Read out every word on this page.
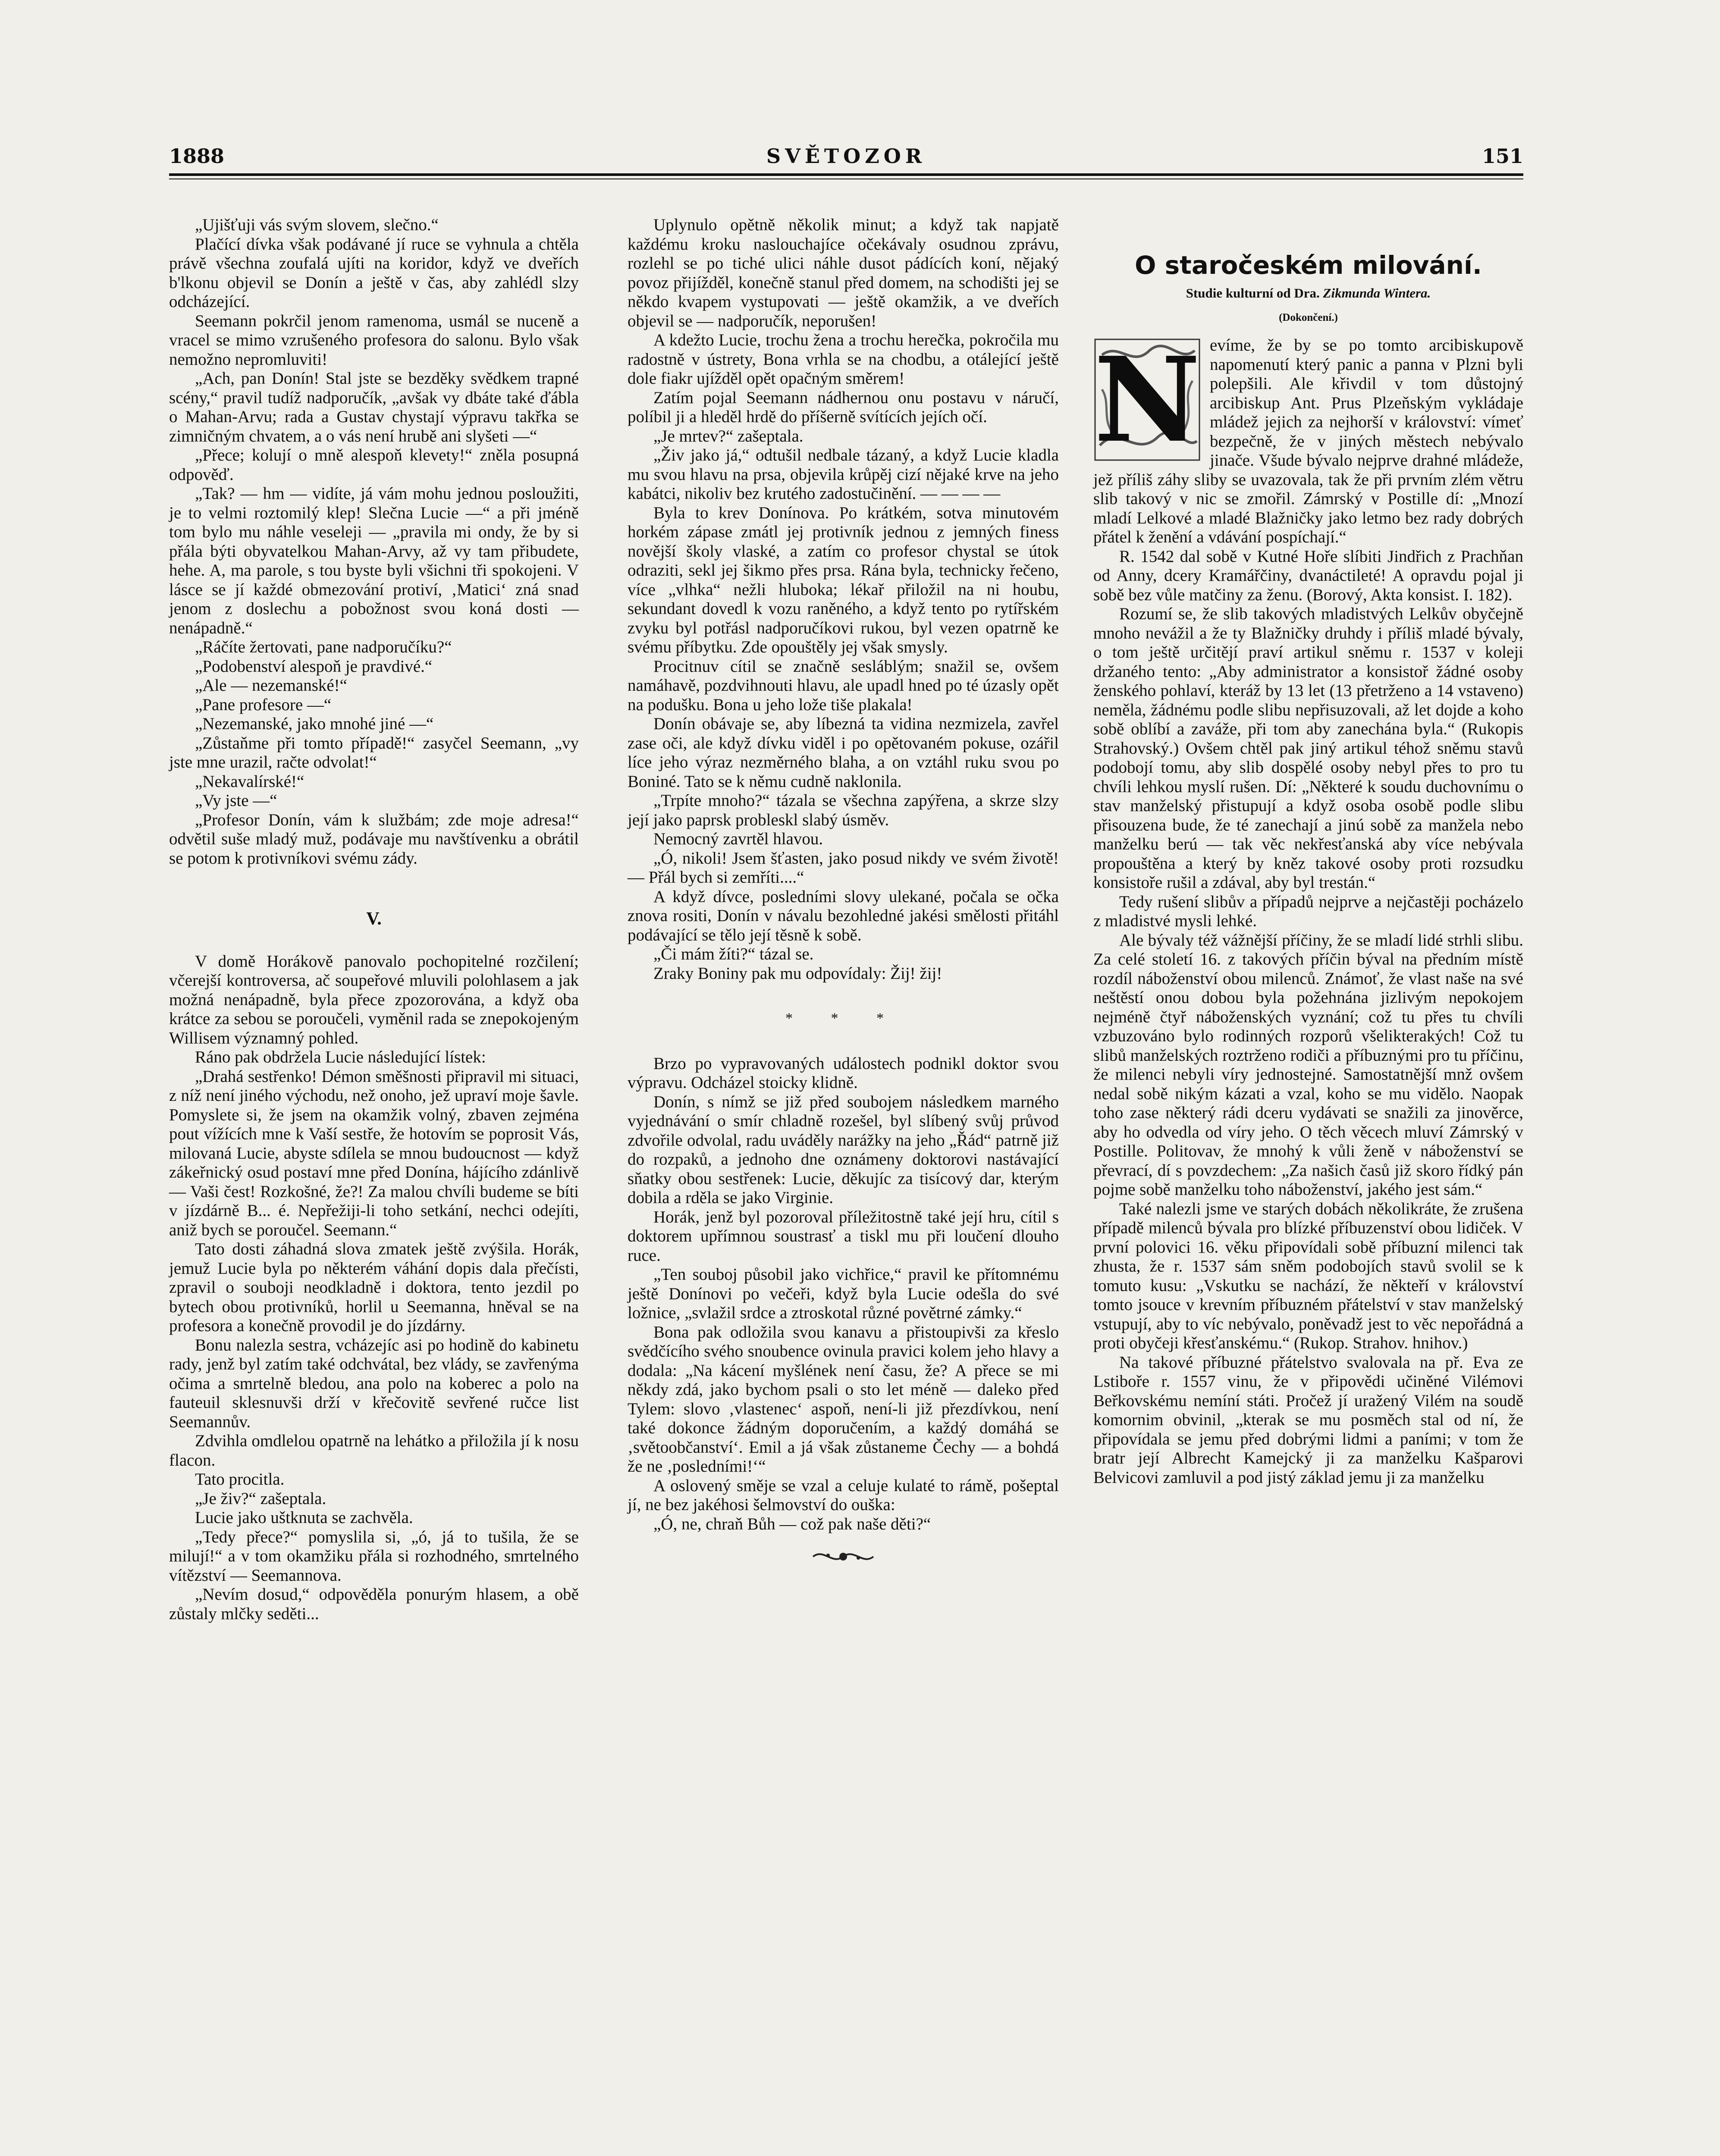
1888	SVĚTOZOR	151

„Ujišťuji vás svým slovem, slečno.“

Plačící dívka však podávané jí ruce se vyhnula a chtěla právě všechna zoufalá ujíti na koridor, když ve dveřích b'lkonu objevil se Donín a ještě v čas, aby zahlédl slzy odcházející.

Seemann pokrčil jenom ramenoma, usmál se nuceně a vracel se mimo vzrušeného profesora do salonu. Bylo však nemožno nepromluviti!

„Ach, pan Donín! Stal jste se bezděky svědkem trapné scény,“ pravil tudíž nadporučík, „avšak vy dbáte také ďábla o Mahan-Arvu; rada a Gustav chystají výpravu takřka se zimničným chvatem, a o vás není hrubě ani slyšeti —“

„Přece; kolují o mně alespoň klevety!“ zněla posupná odpověď.

„Tak? — hm — vidíte, já vám mohu jednou posloužiti, je to velmi roztomilý klep! Slečna Lucie —“ a při jméně tom bylo mu náhle veseleji — „pravila mi ondy, že by si přála býti obyvatelkou Mahan-Arvy, až vy tam přibudete, hehe. A, ma parole, s tou byste byli všichni tři spokojeni. V lásce se jí každé obmezování protiví, ‚Matici‘ zná snad jenom z doslechu a pobožnost svou koná dosti — nenápadně.“

„Ráčíte žertovati, pane nadporučíku?“

„Podobenství alespoň je pravdivé.“

„Ale — nezemanské!“

„Pane profesore —“

„Nezemanské, jako mnohé jiné —“

„Zůstaňme při tomto případě!“ zasyčel Seemann, „vy jste mne urazil, račte odvolat!“

„Nekavalírské!“

„Vy jste —“

„Profesor Donín, vám k službám; zde moje adresa!“ odvětil suše mladý muž, podávaje mu navštívenku a obrátil se potom k protivníkovi svému zády.

V.

V domě Horákově panovalo pochopitelné rozčilení; včerejší kontroversa, ač soupeřové mluvili polohlasem a jak možná nenápadně, byla přece zpozorována, a když oba krátce za sebou se poroučeli, vyměnil rada se znepokojeným Willisem významný pohled.

Ráno pak obdržela Lucie následující lístek:

„Drahá sestřenko! Démon směšnosti připravil mi situaci, z níž není jiného východu, než onoho, jež upraví moje šavle. Pomyslete si, že jsem na okamžik volný, zbaven zejména pout vížících mne k Vaší sestře, že hotovím se poprosit Vás, milovaná Lucie, abyste sdílela se mnou budoucnost — když zákeřnický osud postaví mne před Donína, hájícího zdánlivě — Vaši čest! Rozkošné, že?! Za malou chvíli budeme se bíti v jízdárně B... é. Nepřežiji-li toho setkání, nechci odejíti, aniž bych se poroučel. Seemann.“

Tato dosti záhadná slova zmatek ještě zvýšila. Horák, jemuž Lucie byla po některém váhání dopis dala přečísti, zpravil o souboji neodkladně i doktora, tento jezdil po bytech obou protivníků, horlil u Seemanna, hněval se na profesora a konečně provodil je do jízdárny.

Bonu nalezla sestra, vcházejíc asi po hodině do kabinetu rady, jenž byl zatím také odchvátal, bez vlády, se zavřenýma očima a smrtelně bledou, ana polo na koberec a polo na fauteuil sklesnuvši drží v křečovitě sevřené ručce list Seemannův.

Zdvihla omdlelou opatrně na lehátko a přiložila jí k nosu flacon.

Tato procitla.

„Je živ?“ zašeptala.

Lucie jako uštknuta se zachvěla.

„Tedy přece?“ pomyslila si, „ó, já to tušila, že se milují!“ a v tom okamžiku přála si rozhodného, smrtelného vítězství — Seemannova.

„Nevím dosud,“ odpověděla ponurým hlasem, a obě zůstaly mlčky seděti...

Uplynulo opětně několik minut; a když tak napjatě každému kroku naslouchajíce očekávaly osudnou zprávu, rozlehl se po tiché ulici náhle dusot pádících koní, nějaký povoz přijížděl, konečně stanul před domem, na schodišti jej se někdo kvapem vystupovati — ještě okamžik, a ve dveřích objevil se — nadporučík, neporušen!

A kdežto Lucie, trochu žena a trochu herečka, pokročila mu radostně v ústrety, Bona vrhla se na chodbu, a otálející ještě dole fiakr ujížděl opět opačným směrem!

Zatím pojal Seemann nádhernou onu postavu v náručí, políbil ji a hleděl hrdě do příšerně svítících jejích očí.

„Je mrtev?“ zašeptala.

„Živ jako já,“ odtušil nedbale tázaný, a když Lucie kladla mu svou hlavu na prsa, objevila krůpěj cizí nějaké krve na jeho kabátci, nikoliv bez krutého zadostučinění. — — — —

Byla to krev Donínova. Po krátkém, sotva minutovém horkém zápase zmátl jej protivník jednou z jemných finess novější školy vlaské, a zatím co profesor chystal se útok odraziti, sekl jej šikmo přes prsa. Rána byla, technicky řečeno, více „vlhka“ nežli hluboka; lékař přiložil na ni houbu, sekundant dovedl k vozu raněného, a když tento po rytířském zvyku byl potřásl nadporučíkovi rukou, byl vezen opatrně ke svému příbytku. Zde opouštěly jej však smysly.

Procitnuv cítil se značně sesláblým; snažil se, ovšem namáhavě, pozdvihnouti hlavu, ale upadl hned po té úzasly opět na podušku. Bona u jeho lože tiše plakala!

Donín obávaje se, aby líbezná ta vidina nezmizela, zavřel zase oči, ale když dívku viděl i po opětovaném pokuse, ozářil líce jeho výraz nezměrného blaha, a on vztáhl ruku svou po Boniné. Tato se k němu cudně naklonila.

„Trpíte mnoho?“ tázala se všechna zapýřena, a skrze slzy její jako paprsk probleskl slabý úsměv.

Nemocný zavrtěl hlavou.

„Ó, nikoli! Jsem šťasten, jako posud nikdy ve svém životě! — Přál bych si zemříti....“

A když dívce, posledními slovy ulekané, počala se očka znova rositi, Donín v návalu bezohledné jakési smělosti přitáhl podávající se tělo její těsně k sobě.

„Či mám žíti?“ tázal se.

Zraky Boniny pak mu odpovídaly: Žij! žij!

* * *

Brzo po vypravovaných událostech podnikl doktor svou výpravu. Odcházel stoicky klidně.

Donín, s nímž se již před soubojem následkem marného vyjednávání o smír chladně rozešel, byl slíbený svůj průvod zdvořile odvolal, radu uváděly narážky na jeho „Řád“ patrně již do rozpaků, a jednoho dne oznámeny doktorovi nastávající sňatky obou sestřenek: Lucie, děkujíc za tisícový dar, kterým dobila a rděla se jako Virginie.

Horák, jenž byl pozoroval příležitostně také její hru, cítil s doktorem upřímnou soustrasť a tiskl mu při loučení dlouho ruce.

„Ten souboj působil jako vichřice,“ pravil ke přítomnému ještě Donínovi po večeři, když byla Lucie odešla do své ložnice, „svlažil srdce a ztroskotal různé povětrné zámky.“

Bona pak odložila svou kanavu a přistoupivši za křeslo svědčícího svého snoubence ovinula pravici kolem jeho hlavy a dodala: „Na kácení myšlének není času, že? A přece se mi někdy zdá, jako bychom psali o sto let méně — daleko před Tylem: slovo ‚vlastenec‘ aspoň, není-li již přezdívkou, není také dokonce žádným doporučením, a každý domáhá se ‚světoobčanství‘. Emil a já však zůstaneme Čechy — a bohdá že ne ‚posledními!‘“

A oslovený směje se vzal a celuje kulaté to rámě, pošeptal jí, ne bez jakéhosi šelmovství do ouška:

„Ó, ne, chraň Bůh — což pak naše děti?“

O staročeském milování.

Studie kulturní od Dra. Zikmunda Wintera.

(Dokončení.)

N evíme, že by se po tomto arcibiskupově napomenutí který panic a panna v Plzni byli polepšili. Ale křivdil v tom důstojný arcibiskup Ant. Prus Plzeňským vykládaje mládež jejich za nejhorší v království: vímeť bezpečně, že v jiných městech nebývalo jinače. Všude bývalo nejprve drahné mládeže, jež příliš záhy sliby se uvazovala, tak že při prvním zlém větru slib takový v nic se zmořil. Zámrský v Postille dí: „Mnozí mladí Lelkové a mladé Blažničky jako letmo bez rady dobrých přátel k ženění a vdávání pospíchají.“

R. 1542 dal sobě v Kutné Hoře slíbiti Jindřich z Prachňan od Anny, dcery Kramářčiny, dvanáctileté! A opravdu pojal ji sobě bez vůle matčiny za ženu. (Borový, Akta konsist. I. 182).

Rozumí se, že slib takových mladistvých Lelkův obyčejně mnoho nevážil a že ty Blažničky druhdy i příliš mladé bývaly, o tom ještě určitějí praví artikul sněmu r. 1537 v koleji držaného tento: „Aby administrator a konsistoř žádné osoby ženského pohlaví, kteráž by 13 let (13 přetrženo a 14 vstaveno) neměla, žádnému podle slibu nepřisuzovali, až let dojde a koho sobě oblíbí a zaváže, při tom aby zanechána byla.“ (Rukopis Strahovský.) Ovšem chtěl pak jiný artikul téhož sněmu stavů podobojí tomu, aby slib dospělé osoby nebyl přes to pro tu chvíli lehkou myslí rušen. Dí: „Některé k soudu duchovnímu o stav manželský přistupují a když osoba osobě podle slibu přisouzena bude, že té zanechají a jinú sobě za manžela nebo manželku berú — tak věc nekřesťanská aby více nebývala propouštěna a který by kněz takové osoby proti rozsudku konsistoře rušil a zdával, aby byl trestán.“

Tedy rušení slibův a případů nejprve a nejčastěji pocházelo z mladistvé mysli lehké.

Ale bývaly též vážnější příčiny, že se mladí lidé strhli slibu. Za celé století 16. z takových příčin býval na předním místě rozdíl náboženství obou milenců. Známoť, že vlast naše na své neštěstí onou dobou byla požehnána jizlivým nepokojem nejméně čtyř náboženských vyznání; což tu přes tu chvíli vzbuzováno bylo rodinných rozporů všelikterakých! Což tu slibů manželských roztrženo rodiči a příbuznými pro tu příčinu, že milenci nebyli víry jednostejné. Samostatnější mnž ovšem nedal sobě nikým kázati a vzal, koho se mu vidělo. Naopak toho zase některý rádi dceru vydávati se snažili za jinověrce, aby ho odvedla od víry jeho. O těch věcech mluví Zámrský v Postille. Politovav, že mnohý k vůli ženě v náboženství se převrací, dí s povzdechem: „Za našich časů již skoro řídký pán pojme sobě manželku toho náboženství, jakého jest sám.“

Také nalezli jsme ve starých dobách několikráte, že zrušena případě milenců bývala pro blízké příbuzenství obou lidiček. V první polovici 16. věku připovídali sobě příbuzní milenci tak zhusta, že r. 1537 sám sněm podobojích stavů svolil se k tomuto kusu: „Vskutku se nachází, že někteří v království tomto jsouce v krevním příbuzném přátelství v stav manželský vstupují, aby to víc nebývalo, poněvadž jest to věc nepořádná a proti obyčeji křesťanskému.“ (Rukop. Strahov. hnihov.)

Na takové příbuzné přátelstvo svalovala na př. Eva ze Lstiboře r. 1557 vinu, že v připovědi učiněné Vilémovi Beřkovskému nemíní státi. Pročež jí uražený Vilém na soudě komornim obvinil, „kterak se mu posměch stal od ní, že připovídala se jemu před dobrými lidmi a paními; v tom že bratr její Albrecht Kamejcký ji za manželku Kašparovi Belvicovi zamluvil a pod jistý základ jemu ji za manželku
